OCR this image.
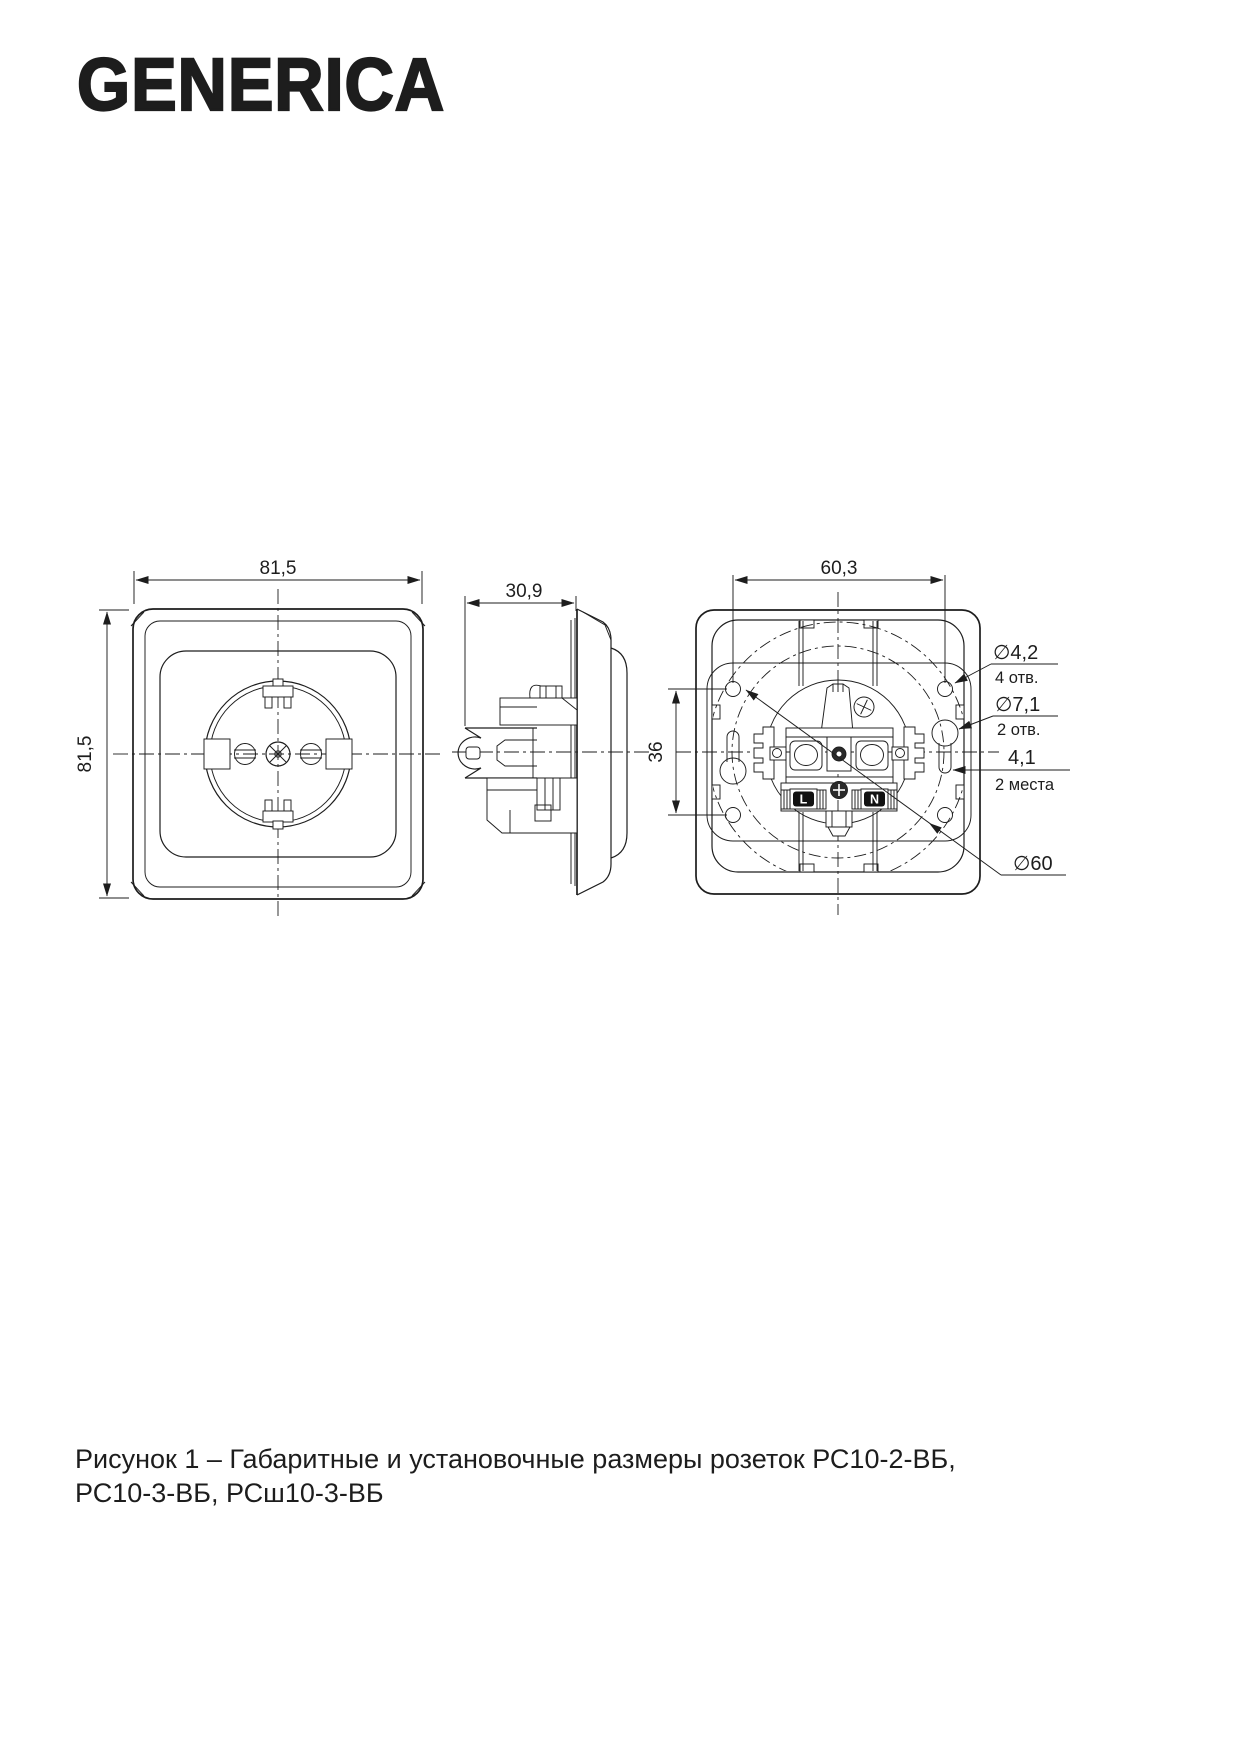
GENERICA
81,5
81,5
30,9
L	N
60,3
36
∅4,2
4 отв.
∅7,1
2 отв.
4,1
2 места
∅60
Рисунок 1 – Габаритные и установочные размеры розеток РС10-2-ВБ,
РС10-3-ВБ, РСш10-3-ВБ
